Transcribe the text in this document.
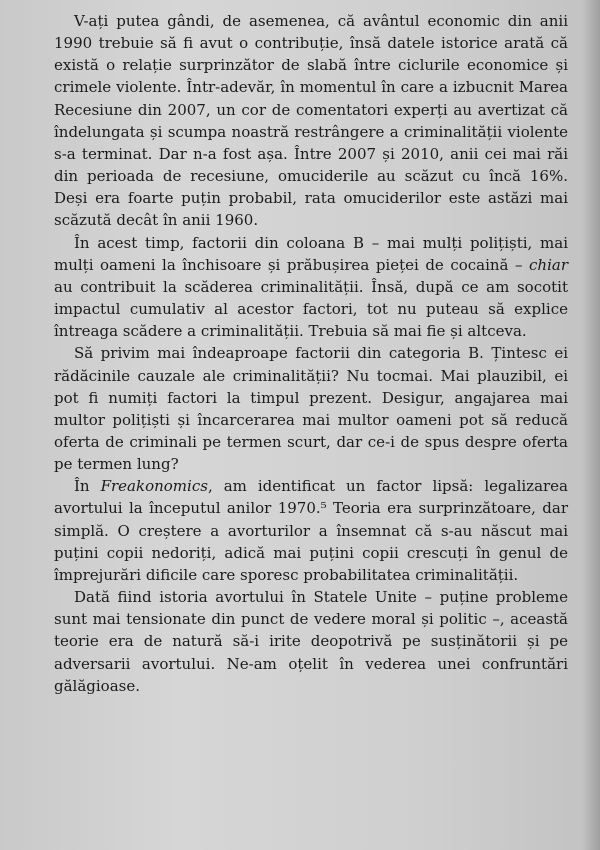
V-ați putea gândi, de asemenea, că avântul economic din anii 1990 trebuie să fi avut o contribuție, însă datele istorice arată că există o relație surprinzător de slabă între ciclurile economice și crimele violente. Într-adevăr, în momentul în care a izbucnit Marea Recesiune din 2007, un cor de comentatori experți au avertizat că îndelungata și scumpa noastră restrângere a criminalității violente s-a terminat. Dar n-a fost așa. Între 2007 și 2010, anii cei mai răi din perioada de recesiune, omuciderile au scăzut cu încă 16%. Deși era foarte puțin probabil, rata omuciderilor este astăzi mai scăzută decât în anii 1960.

În acest timp, factorii din coloana B – mai mulți polițiști, mai mulți oameni la închisoare și prăbușirea pieței de cocaină – chiar au contribuit la scăderea criminalității. Însă, după ce am socotit impactul cumulativ al acestor factori, tot nu puteau să explice întreaga scădere a criminalității. Trebuia să mai fie și altceva.

Să privim mai îndeaproape factorii din categoria B. Țintesc ei rădăcinile cauzale ale criminalității? Nu tocmai. Mai plauzibil, ei pot fi numiți factori la timpul prezent. Desigur, angajarea mai multor polițiști și încarcerarea mai multor oameni pot să reducă oferta de criminali pe termen scurt, dar ce-i de spus despre oferta pe termen lung?

În Freakonomics, am identificat un factor lipsă: legalizarea avortului la începutul anilor 1970.⁵ Teoria era surprinzătoare, dar simplă. O creștere a avorturilor a însemnat că s-au născut mai puțini copii nedoriți, adică mai puțini copii crescuți în genul de împrejurări dificile care sporesc probabilitatea criminalității.

Dată fiind istoria avortului în Statele Unite – puține probleme sunt mai tensionate din punct de vedere moral și politic –, această teorie era de natură să-i irite deopotrivă pe susținătorii și pe adversarii avortului. Ne-am oțelit în vederea unei confruntări gălăgioase.
